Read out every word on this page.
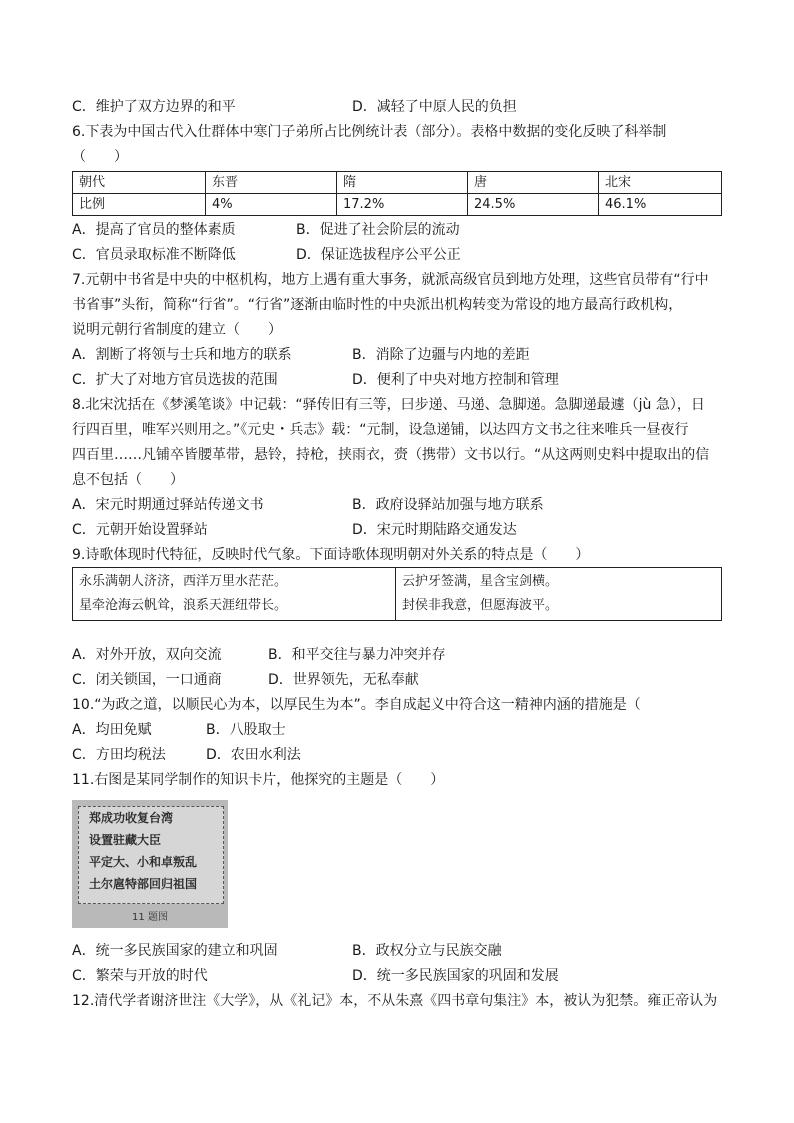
C．维护了双方边界的和平	D．减轻了中原人民的负担
6.下表为中国古代入仕群体中寒门子弟所占比例统计表（部分）。表格中数据的变化反映了科举制
（　　）
朝代	东晋	隋	唐	北宋
比例	4%	17.2%	24.5%	46.1%
A．提高了官员的整体素质	B．促进了社会阶层的流动
C．官员录取标准不断降低	D．保证选拔程序公平公正
7.元朝中书省是中央的中枢机构，地方上遇有重大事务，就派高级官员到地方处理，这些官员带有“行中
书省事”头衔，简称“行省”。“行省”逐渐由临时性的中央派出机构转变为常设的地方最高行政机构，
说明元朝行省制度的建立（　　）
A．割断了将领与士兵和地方的联系	B．消除了边疆与内地的差距
C．扩大了对地方官员选拔的范围	D．便利了中央对地方控制和管理
8.北宋沈括在《梦溪笔谈》中记载：“驿传旧有三等，曰步递、马递、急脚递。急脚递最遽（jù 急），日
行四百里，唯军兴则用之。”《元史・兵志》载：“元制，设急递铺，以达四方文书之往来唯兵一昼夜行
四百里……凡铺卒皆腰革带，悬铃，持枪，挟雨衣，赍（携带）文书以行。“从这两则史料中提取出的信
息不包括（　　）
A．宋元时期通过驿站传递文书	B．政府设驿站加强与地方联系
C．元朝开始设置驿站	D．宋元时期陆路交通发达
9.诗歌体现时代特征，反映时代气象。下面诗歌体现明朝对外关系的特点是（　　）
永乐满朝人济济，西洋万里水茫茫。
星牵沧海云帆耸，浪系天涯纽带长。

云护牙签满，星含宝剑横。
封侯非我意，但愿海波平。
A．对外开放，双向交流	B．和平交往与暴力冲突并存
C．闭关锁国，一口通商	D．世界领先，无私奉献
10.“为政之道，以顺民心为本，以厚民生为本”。李自成起义中符合这一精神内涵的措施是（
A．均田免赋	B．八股取士
C．方田均税法	D．农田水利法
11.右图是某同学制作的知识卡片，他探究的主题是（　　）
郑成功收复台湾
设置驻藏大臣
平定大、小和卓叛乱
土尔扈特部回归祖国
11 题图
A．统一多民族国家的建立和巩固	B．政权分立与民族交融
C．繁荣与开放的时代	D．统一多民族国家的巩固和发展
12.清代学者谢济世注《大学》，从《礼记》本，不从朱熹《四书章句集注》本，被认为犯禁。雍正帝认为
